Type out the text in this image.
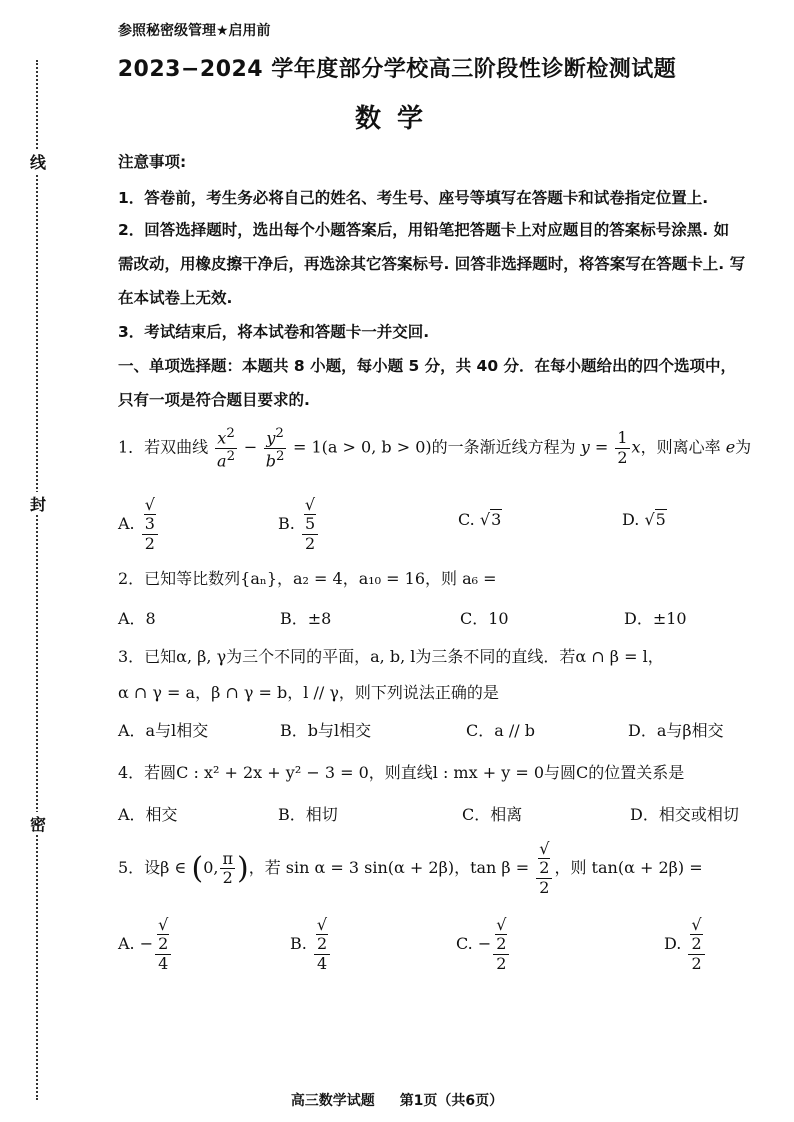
线
封
密
参照秘密级管理★启用前
2023−2024 学年度部分学校高三阶段性诊断检测试题
数学
注意事项:
1．答卷前，考生务必将自己的姓名、考生号、座号等填写在答题卡和试卷指定位置上.
2．回答选择题时，选出每个小题答案后，用铅笔把答题卡上对应题目的答案标号涂黑. 如
需改动，用橡皮擦干净后，再选涂其它答案标号. 回答非选择题时，将答案写在答题卡上. 写
在本试卷上无效.
3．考试结束后，将本试卷和答题卡一并交回.
一、单项选择题：本题共 8 小题，每小题 5 分，共 40 分．在每小题给出的四个选项中，
只有一项是符合题目要求的.
1．若双曲线 $\frac{x^2}{a^2} - \frac{y^2}{b^2} = 1(a > 0$, b > 0)的一条渐近线方程为 $y = \frac{1}{2}$ x，则离心率 e为
A. √
3
2	B. √
5
2	C. √3	D. √5
2．已知等比数列{aₙ}，a₂ = 4，a₁₀ = 16，则 a₆ =
A．8	B．±8	C．10	D．±10
3．已知α, β, γ为三个不同的平面，a, b, l为三条不同的直线．若α ∩ β = l，
α ∩ γ = a，β ∩ γ = b，l // γ，则下列说法正确的是
A．a与l相交	B．b与l相交	C．a // b	D．a与β相交
4．若圆C : x² + 2x + y² − 3 = 0，则直线l : mx + y = 0与圆C的位置关系是
A．相交	B．相切	C．相离	D．相交或相切
5．设β ∈ (0, $\frac{\pi}{2}$ )，若 sin α = 3 sin(α + 2β)，tan β = √
2
2 ，则 tan(α + 2β) =
A. − √
2
4	B. √
2
4	C. − √
2
2	D. √
2
2
高三数学试题 第1页（共6页）
